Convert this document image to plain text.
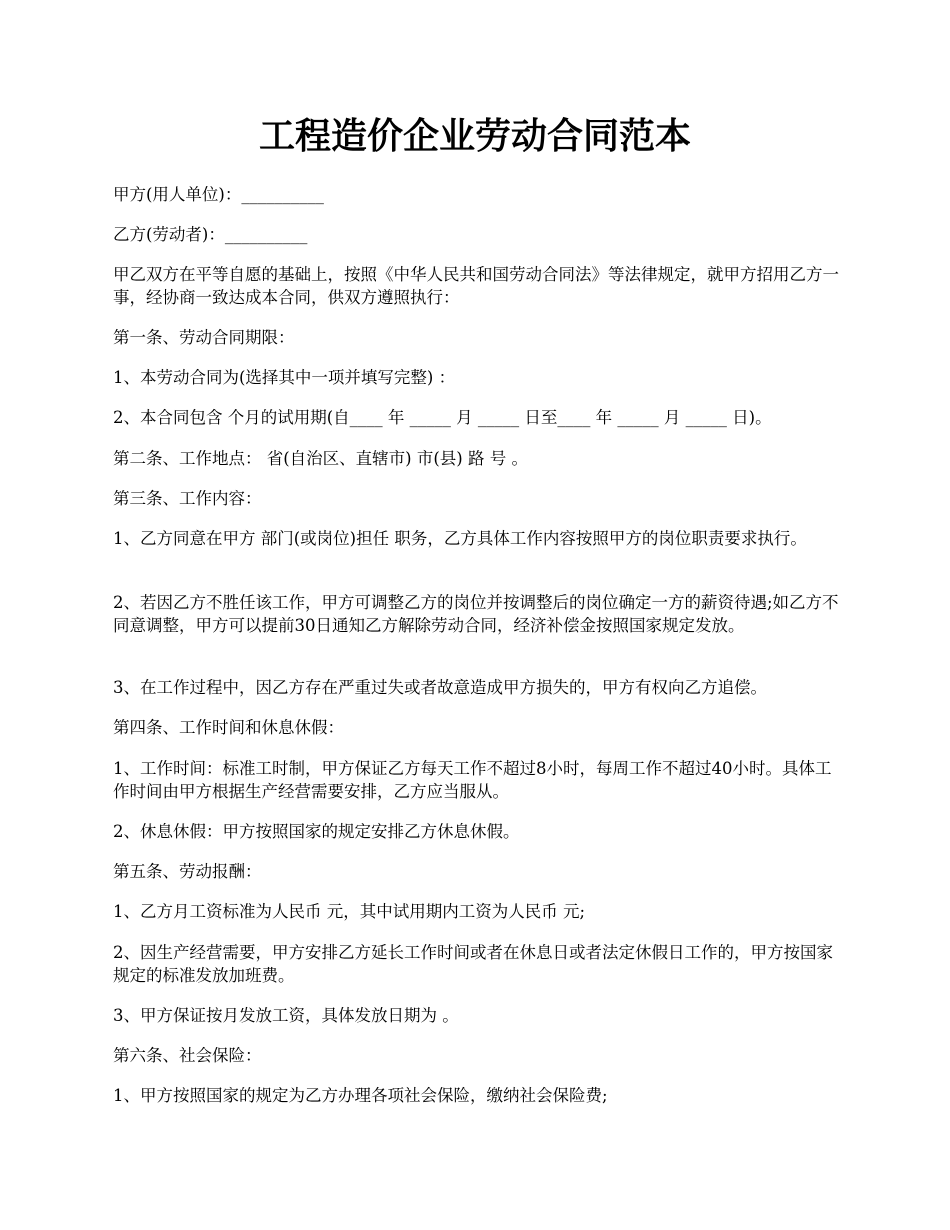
工程造价企业劳动合同范本

甲方(用人单位)：__________

乙方(劳动者)：__________

甲乙双方在平等自愿的基础上，按照《中华人民共和国劳动合同法》等法律规定，就甲方招用乙方一事，经协商一致达成本合同，供双方遵照执行：

第一条、劳动合同期限：

1、本劳动合同为(选择其中一项并填写完整) ：

2、本合同包含 个月的试用期(自____ 年 _____ 月 _____ 日至____ 年 _____ 月 _____ 日)。

第二条、工作地点： 省(自治区、直辖市) 市(县) 路 号 。

第三条、工作内容：

1、乙方同意在甲方 部门(或岗位)担任 职务，乙方具体工作内容按照甲方的岗位职责要求执行。

2、若因乙方不胜任该工作，甲方可调整乙方的岗位并按调整后的岗位确定一方的薪资待遇;如乙方不同意调整，甲方可以提前30日通知乙方解除劳动合同，经济补偿金按照国家规定发放。

3、在工作过程中，因乙方存在严重过失或者故意造成甲方损失的，甲方有权向乙方追偿。

第四条、工作时间和休息休假：

1、工作时间：标准工时制，甲方保证乙方每天工作不超过8小时，每周工作不超过40小时。具体工作时间由甲方根据生产经营需要安排，乙方应当服从。

2、休息休假：甲方按照国家的规定安排乙方休息休假。

第五条、劳动报酬：

1、乙方月工资标准为人民币 元，其中试用期内工资为人民币 元;

2、因生产经营需要，甲方安排乙方延长工作时间或者在休息日或者法定休假日工作的，甲方按国家规定的标准发放加班费。

3、甲方保证按月发放工资，具体发放日期为 。

第六条、社会保险：

1、甲方按照国家的规定为乙方办理各项社会保险，缴纳社会保险费;
